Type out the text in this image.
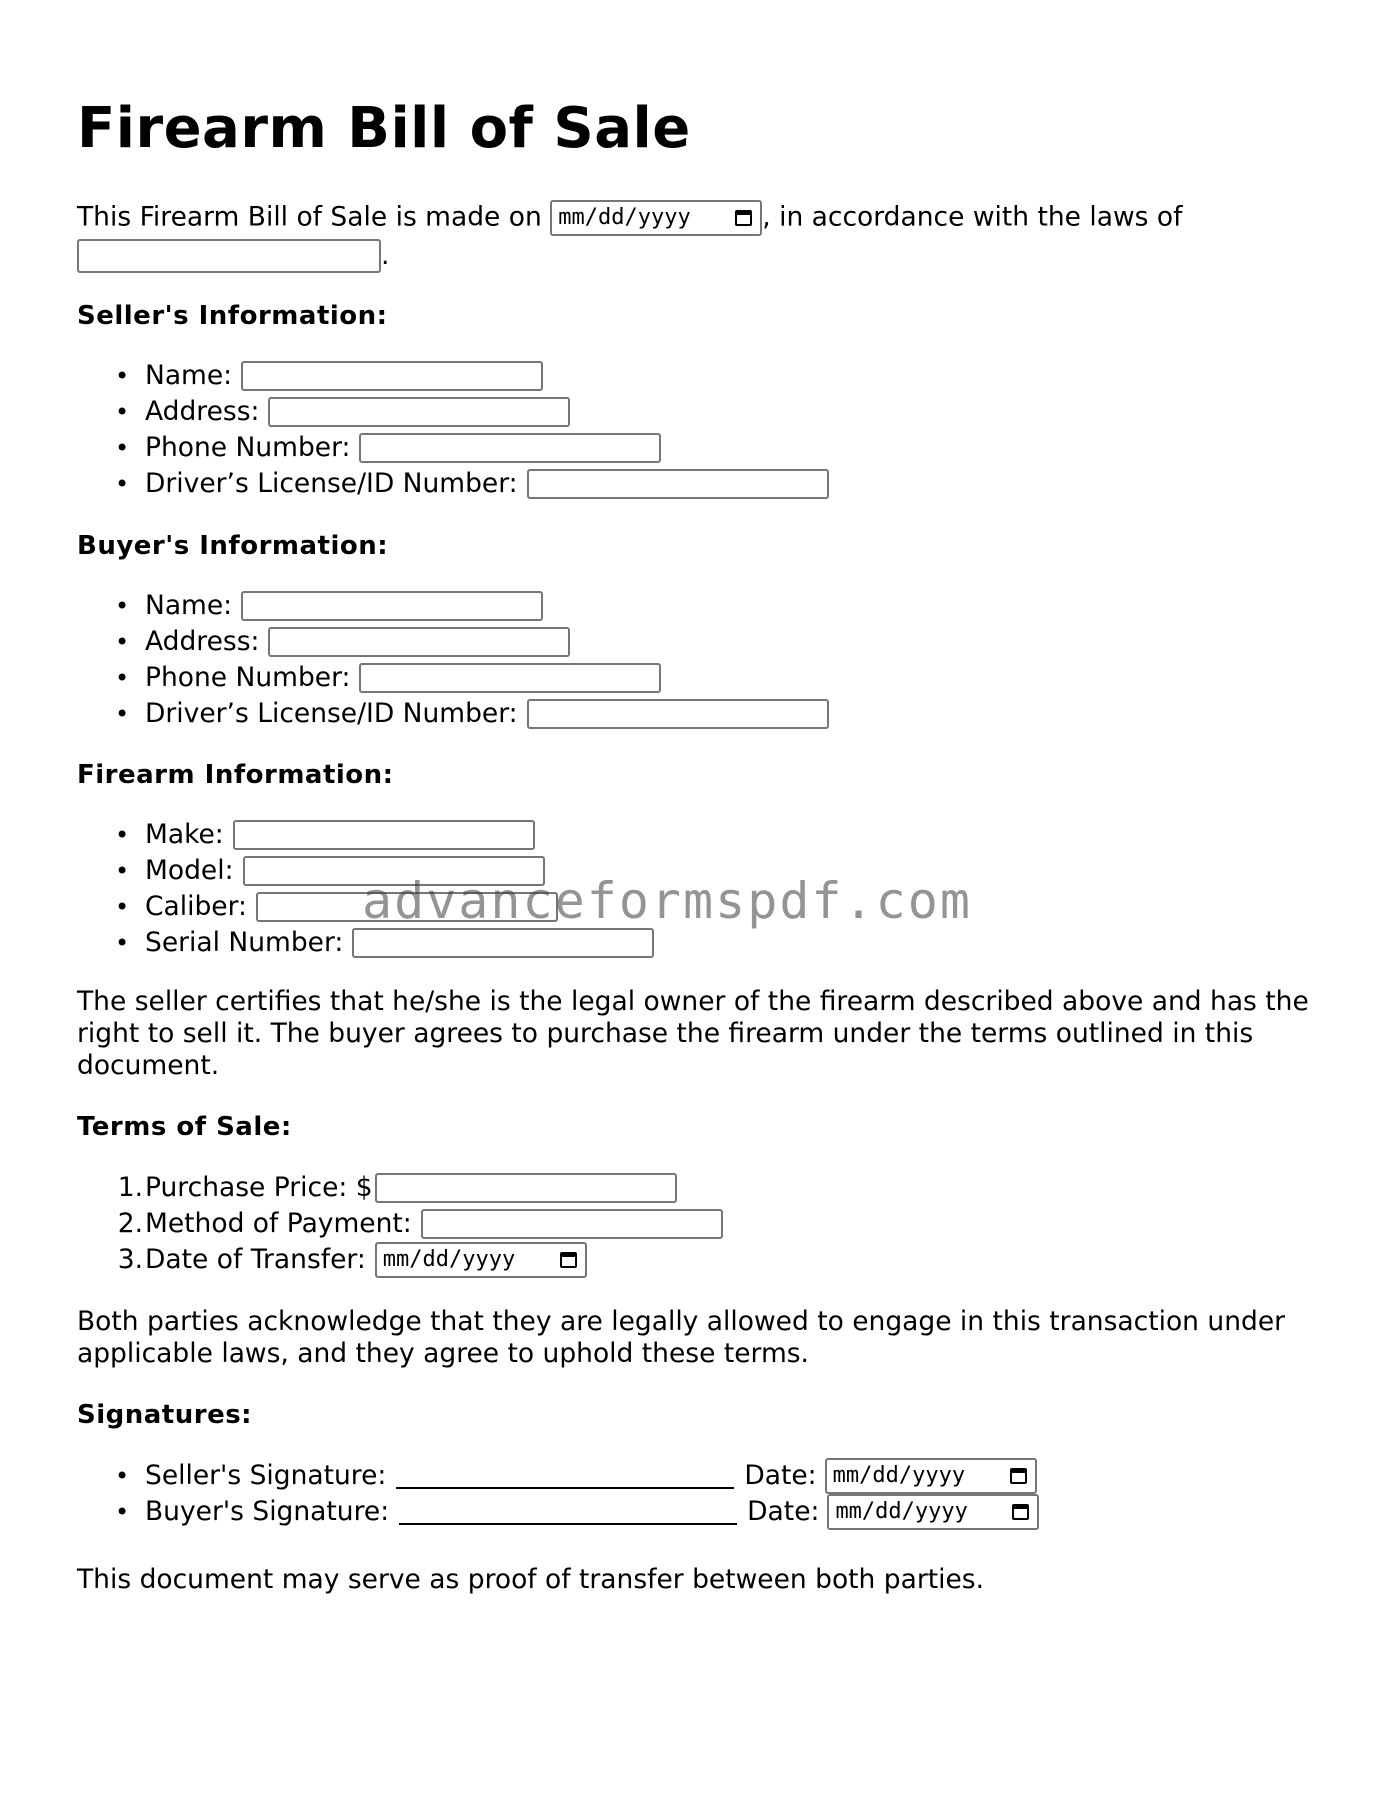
Firearm Bill of Sale
This Firearm Bill of Sale is made on mm/dd/yyyy	, in accordance with the laws of
.
Seller's Information:
• Name:
• Address:
• Phone Number:
• Driver’s License/ID Number:
Buyer's Information:
• Name:
• Address:
• Phone Number:
• Driver’s License/ID Number:
Firearm Information:
• Make:
• Model:
• Caliber:
• Serial Number:

The seller certifies that he/she is the legal owner of the firearm described above and has the right to sell it. The buyer agrees to purchase the firearm under the terms outlined in this document.

Terms of Sale:
1. Purchase Price: $
2. Method of Payment:
3. Date of Transfer: mm/dd/yyyy

Both parties acknowledge that they are legally allowed to engage in this transaction under applicable laws, and they agree to uphold these terms.

Signatures:
• Seller's Signature:	Date: mm/dd/yyyy
• Buyer's Signature:	Date: mm/dd/yyyy

This document may serve as proof of transfer between both parties.

advanceformspdf.com
